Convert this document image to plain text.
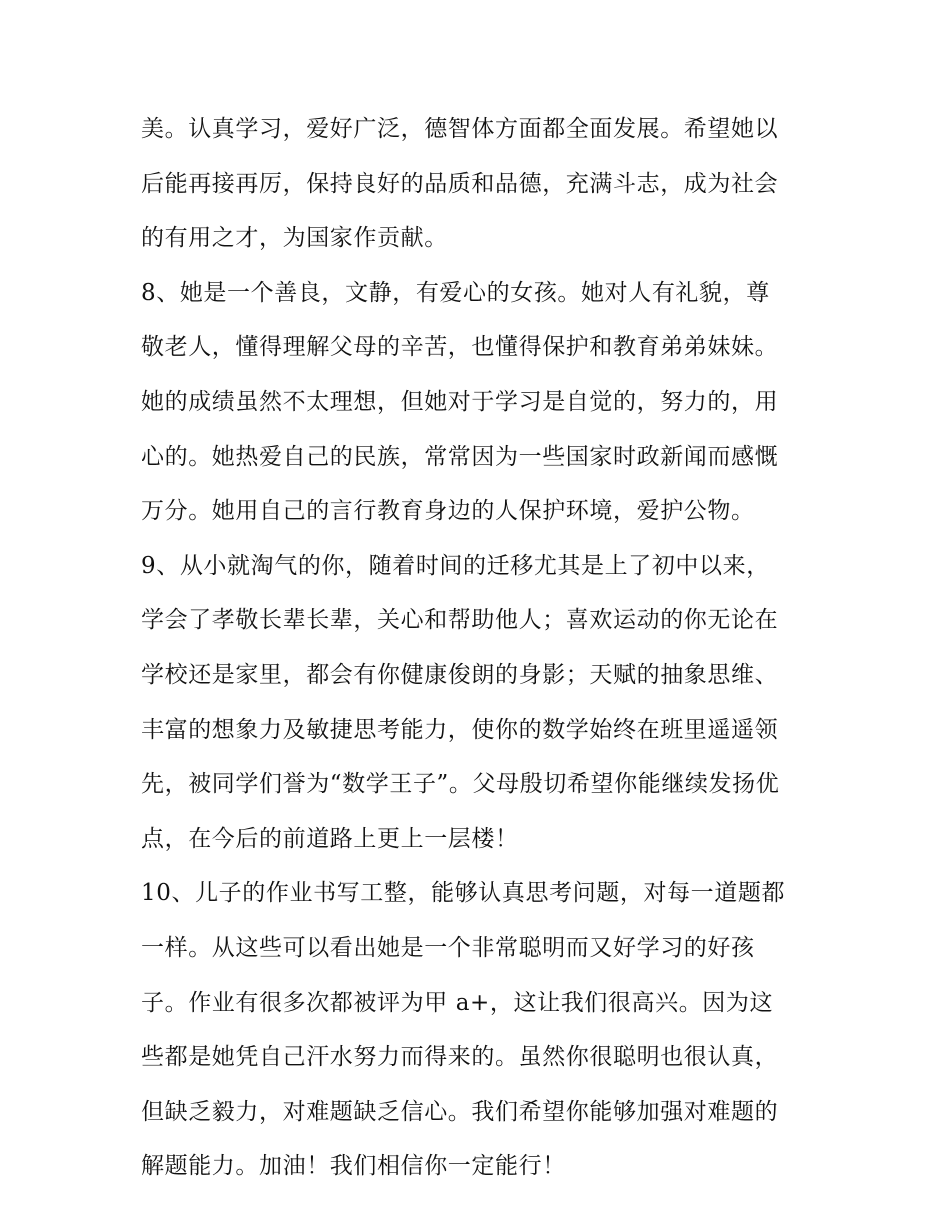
美。认真学习，爱好广泛，德智体方面都全面发展。希望她以
后能再接再厉，保持良好的品质和品德，充满斗志，成为社会
的有用之才，为国家作贡献。
8、她是一个善良，文静，有爱心的女孩。她对人有礼貌，尊
敬老人，懂得理解父母的辛苦，也懂得保护和教育弟弟妹妹。
她的成绩虽然不太理想，但她对于学习是自觉的，努力的，用
心的。她热爱自己的民族，常常因为一些国家时政新闻而感慨
万分。她用自己的言行教育身边的人保护环境，爱护公物。
9、从小就淘气的你，随着时间的迁移尤其是上了初中以来，
学会了孝敬长辈长辈，关心和帮助他人；喜欢运动的你无论在
学校还是家里，都会有你健康俊朗的身影；天赋的抽象思维、
丰富的想象力及敏捷思考能力，使你的数学始终在班里遥遥领
先，被同学们誉为“数学王子”。父母殷切希望你能继续发扬优
点，在今后的前道路上更上一层楼！
10、儿子的作业书写工整，能够认真思考问题，对每一道题都
一样。从这些可以看出她是一个非常聪明而又好学习的好孩
子。作业有很多次都被评为甲 a+，这让我们很高兴。因为这
些都是她凭自己汗水努力而得来的。虽然你很聪明也很认真，
但缺乏毅力，对难题缺乏信心。我们希望你能够加强对难题的
解题能力。加油！我们相信你一定能行！
